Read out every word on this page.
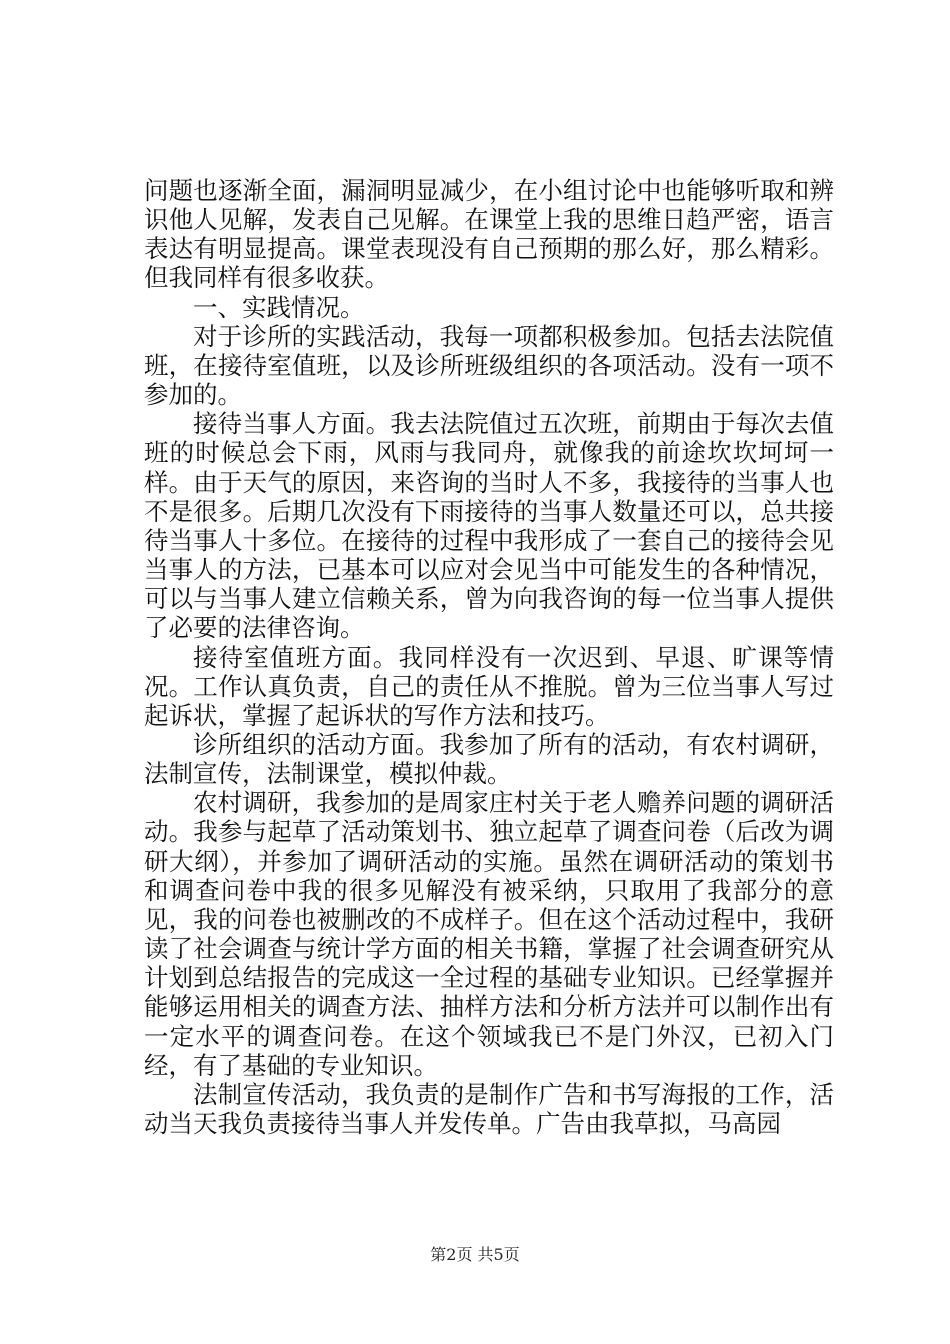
问题也逐渐全面，漏洞明显减少，在小组讨论中也能够听取和辨识他人见解，发表自己见解。在课堂上我的思维日趋严密，语言表达有明显提高。课堂表现没有自己预期的那么好，那么精彩。但我同样有很多收获。

一、实践情况。

对于诊所的实践活动，我每一项都积极参加。包括去法院值班，在接待室值班，以及诊所班级组织的各项活动。没有一项不参加的。

接待当事人方面。我去法院值过五次班，前期由于每次去值班的时候总会下雨，风雨与我同舟，就像我的前途坎坎坷坷一样。由于天气的原因，来咨询的当时人不多，我接待的当事人也不是很多。后期几次没有下雨接待的当事人数量还可以，总共接待当事人十多位。在接待的过程中我形成了一套自己的接待会见当事人的方法，已基本可以应对会见当中可能发生的各种情况，可以与当事人建立信赖关系，曾为向我咨询的每一位当事人提供了必要的法律咨询。

接待室值班方面。我同样没有一次迟到、早退、旷课等情况。工作认真负责，自己的责任从不推脱。曾为三位当事人写过起诉状，掌握了起诉状的写作方法和技巧。

诊所组织的活动方面。我参加了所有的活动，有农村调研，法制宣传，法制课堂，模拟仲裁。

农村调研，我参加的是周家庄村关于老人赡养问题的调研活动。我参与起草了活动策划书、独立起草了调查问卷（后改为调研大纲），并参加了调研活动的实施。虽然在调研活动的策划书和调查问卷中我的很多见解没有被采纳，只取用了我部分的意见，我的问卷也被删改的不成样子。但在这个活动过程中，我研读了社会调查与统计学方面的相关书籍，掌握了社会调查研究从计划到总结报告的完成这一全过程的基础专业知识。已经掌握并能够运用相关的调查方法、抽样方法和分析方法并可以制作出有一定水平的调查问卷。在这个领域我已不是门外汉，已初入门经，有了基础的专业知识。

法制宣传活动，我负责的是制作广告和书写海报的工作，活动当天我负责接待当事人并发传单。广告由我草拟，马高园

第2页 共5页
